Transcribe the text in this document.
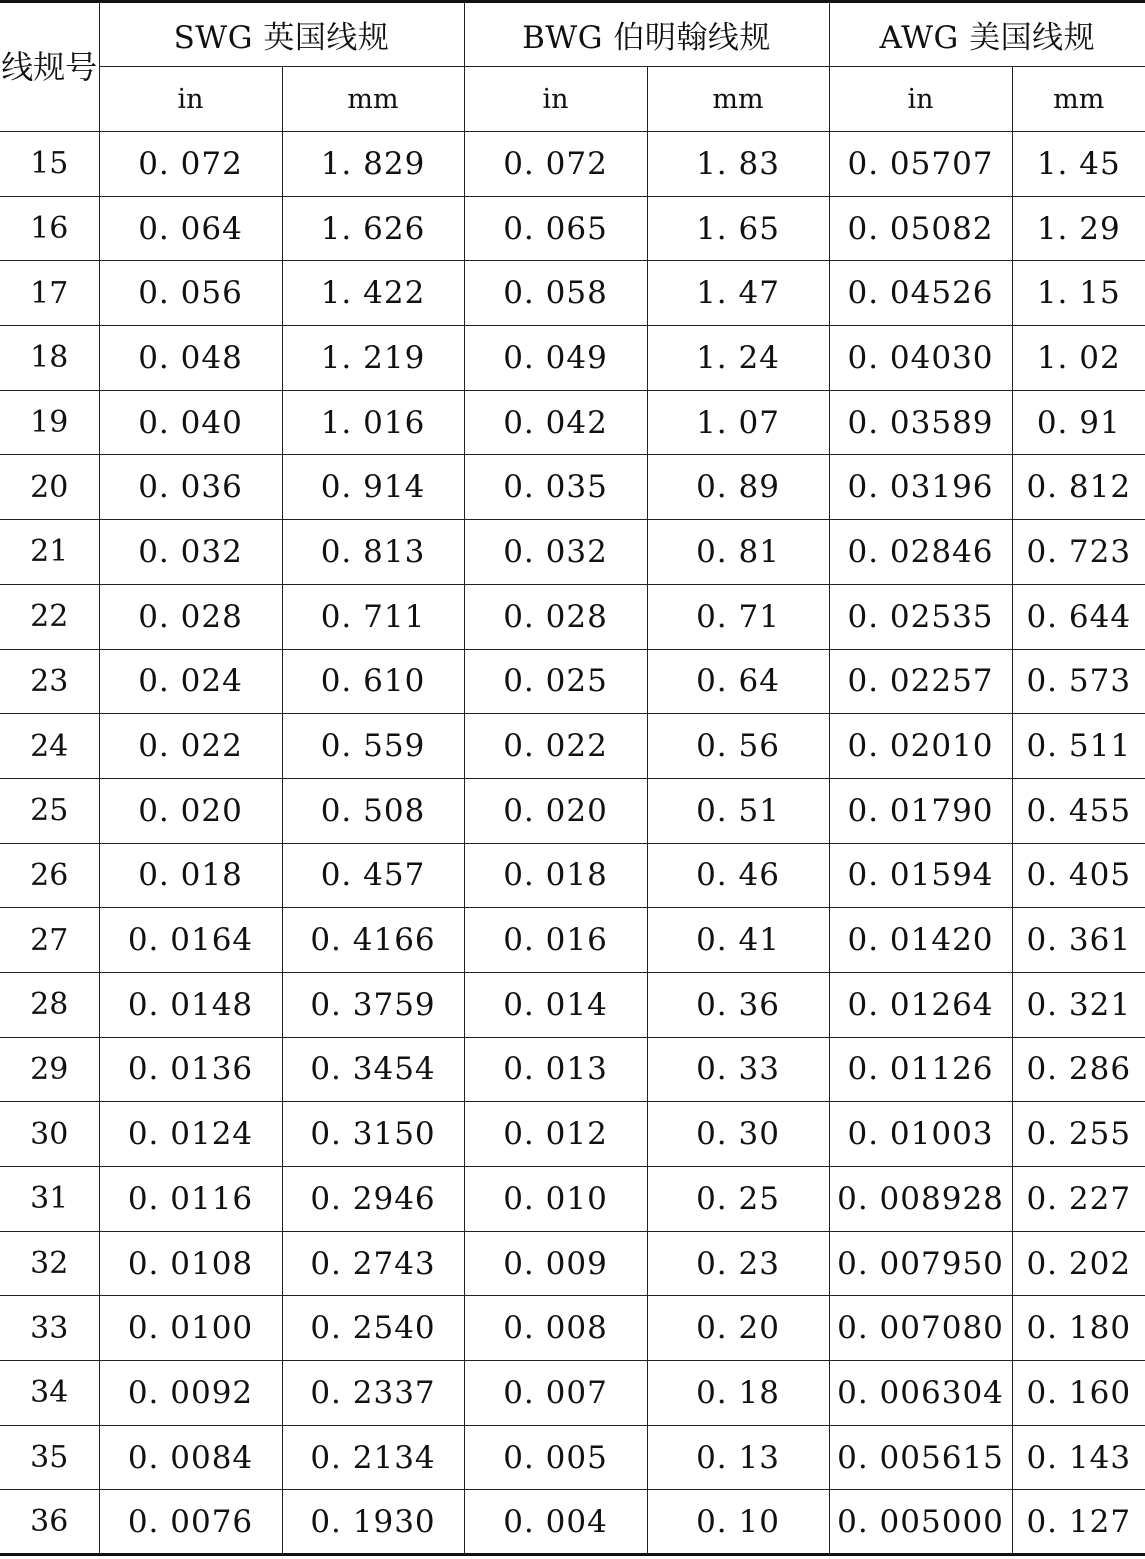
线规号	SWG 英国线规		BWG 伯明翰线规		AWG 美国线规	
	in	mm	in	mm	in	mm
15	0. 072	1. 829	0. 072	1. 83	0. 05707	1. 45
16	0. 064	1. 626	0. 065	1. 65	0. 05082	1. 29
17	0. 056	1. 422	0. 058	1. 47	0. 04526	1. 15
18	0. 048	1. 219	0. 049	1. 24	0. 04030	1. 02
19	0. 040	1. 016	0. 042	1. 07	0. 03589	0. 91
20	0. 036	0. 914	0. 035	0. 89	0. 03196	0. 812
21	0. 032	0. 813	0. 032	0. 81	0. 02846	0. 723
22	0. 028	0. 711	0. 028	0. 71	0. 02535	0. 644
23	0. 024	0. 610	0. 025	0. 64	0. 02257	0. 573
24	0. 022	0. 559	0. 022	0. 56	0. 02010	0. 511
25	0. 020	0. 508	0. 020	0. 51	0. 01790	0. 455
26	0. 018	0. 457	0. 018	0. 46	0. 01594	0. 405
27	0. 0164	0. 4166	0. 016	0. 41	0. 01420	0. 361
28	0. 0148	0. 3759	0. 014	0. 36	0. 01264	0. 321
29	0. 0136	0. 3454	0. 013	0. 33	0. 01126	0. 286
30	0. 0124	0. 3150	0. 012	0. 30	0. 01003	0. 255
31	0. 0116	0. 2946	0. 010	0. 25	0. 008928	0. 227
32	0. 0108	0. 2743	0. 009	0. 23	0. 007950	0. 202
33	0. 0100	0. 2540	0. 008	0. 20	0. 007080	0. 180
34	0. 0092	0. 2337	0. 007	0. 18	0. 006304	0. 160
35	0. 0084	0. 2134	0. 005	0. 13	0. 005615	0. 143
36	0. 0076	0. 1930	0. 004	0. 10	0. 005000	0. 127
